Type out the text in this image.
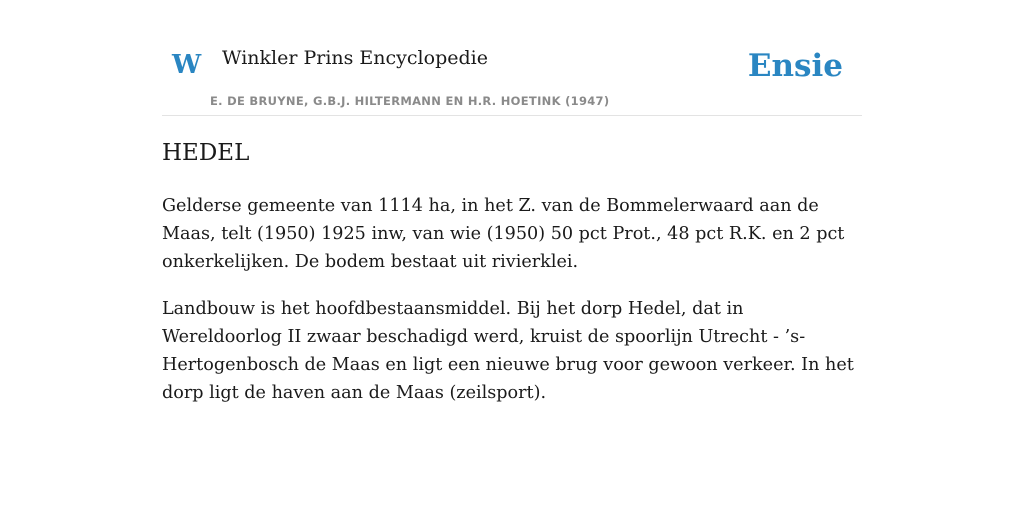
W Winkler Prins Encyclopedie
E. DE BRUYNE, G.B.J. HILTERMANN EN H.R. HOETINK (1947)
Ensie
HEDEL

Gelderse gemeente van 1114 ha, in het Z. van de Bommelerwaard aan de Maas, telt (1950) 1925 inw, van wie (1950) 50 pct Prot., 48 pct R.K. en 2 pct onkerkelijken. De bodem bestaat uit rivierklei.

Landbouw is het hoofdbestaansmiddel. Bij het dorp Hedel, dat in Wereldoorlog II zwaar beschadigd werd, kruist de spoorlijn Utrecht - ’s-Hertogenbosch de Maas en ligt een nieuwe brug voor gewoon verkeer. In het dorp ligt de haven aan de Maas (zeilsport).
